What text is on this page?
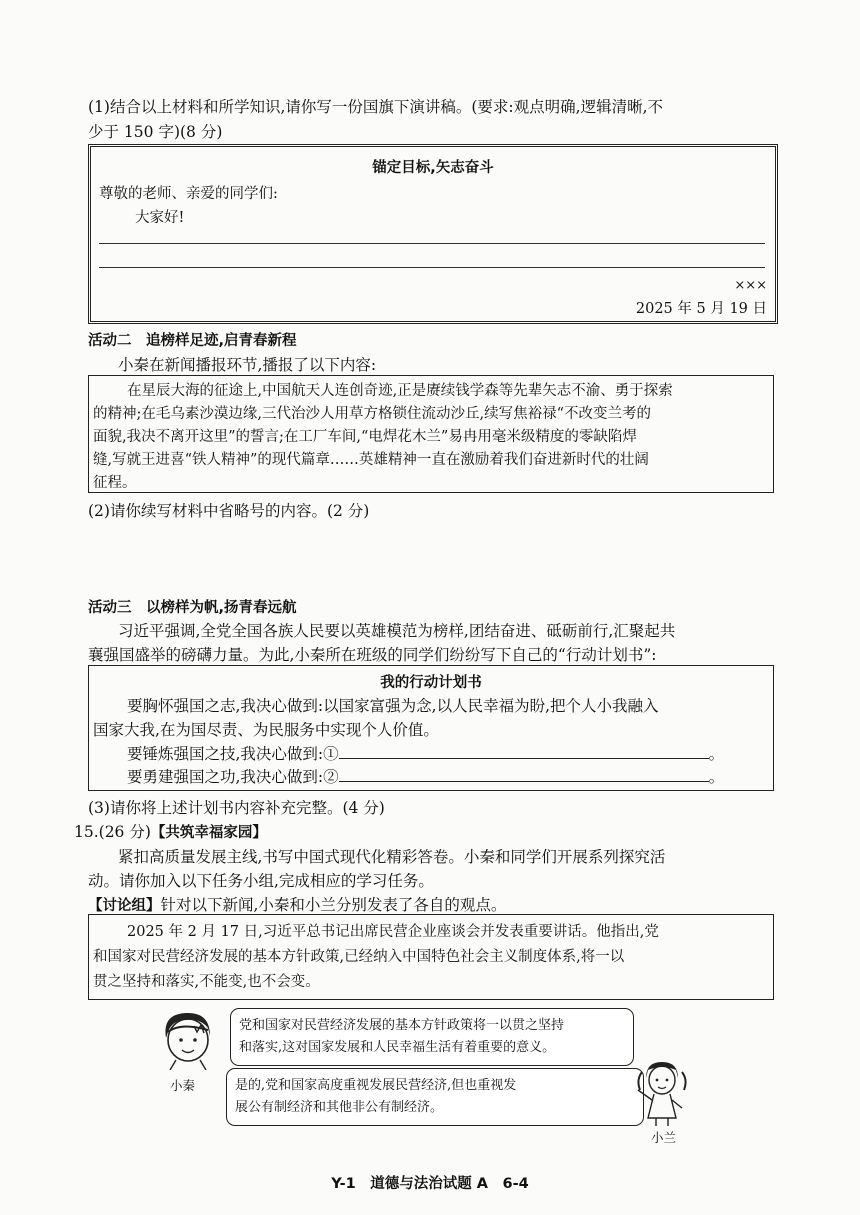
(1)结合以上材料和所学知识,请你写一份国旗下演讲稿。(要求:观点明确,逻辑清晰,不
少于 150 字)(8 分)
锚定目标,矢志奋斗
尊敬的老师、亲爱的同学们:
大家好!
×××
2025 年 5 月 19 日
活动二　追榜样足迹,启青春新程
小秦在新闻播报环节,播报了以下内容:
在星辰大海的征途上,中国航天人连创奇迹,正是赓续钱学森等先辈矢志不渝、勇于探索
的精神;在毛乌素沙漠边缘,三代治沙人用草方格锁住流动沙丘,续写焦裕禄“不改变兰考的
面貌,我决不离开这里”的誓言;在工厂车间,“电焊花木兰”易冉用毫米级精度的零缺陷焊
缝,写就王进喜“铁人精神”的现代篇章……英雄精神一直在激励着我们奋进新时代的壮阔
征程。
(2)请你续写材料中省略号的内容。(2 分)
活动三　以榜样为帆,扬青春远航
习近平强调,全党全国各族人民要以英雄模范为榜样,团结奋进、砥砺前行,汇聚起共
襄强国盛举的磅礴力量。为此,小秦所在班级的同学们纷纷写下自己的“行动计划书”:
我的行动计划书
要胸怀强国之志,我决心做到:以国家富强为念,以人民幸福为盼,把个人小我融入
国家大我,在为国尽责、为民服务中实现个人价值。
要锤炼强国之技,我决心做到:①	。
要勇建强国之功,我决心做到:②	。
(3)请你将上述计划书内容补充完整。(4 分)
15.(26 分)【共筑幸福家园】
紧扣高质量发展主线,书写中国式现代化精彩答卷。小秦和同学们开展系列探究活
动。请你加入以下任务小组,完成相应的学习任务。
【讨论组】针对以下新闻,小秦和小兰分别发表了各自的观点。
2025 年 2 月 17 日,习近平总书记出席民营企业座谈会并发表重要讲话。他指出,党
和国家对民营经济发展的基本方针政策,已经纳入中国特色社会主义制度体系,将一以
贯之坚持和落实,不能变,也不会变。
小秦
党和国家对民营经济发展的基本方针政策将一以贯之坚持
和落实,这对国家发展和人民幸福生活有着重要的意义。
是的,党和国家高度重视发展民营经济,但也重视发
展公有制经济和其他非公有制经济。
小兰
Y-1　道德与法治试题 A　6-4
